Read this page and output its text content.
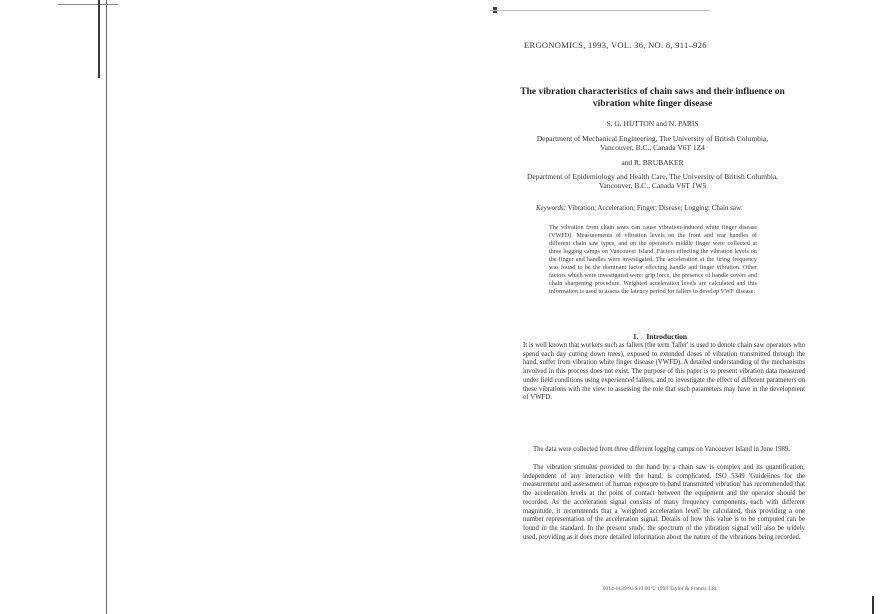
ERGONOMICS, 1993, VOL. 36, NO. 8, 911–926
The vibration characteristics of chain saws and their influence on vibration white finger disease
S. G. HUTTON and N. PARIS
Department of Mechanical Engineering, The University of British Columbia, Vancouver, B.C., Canada V6T 1Z4
and R. BRUBAKER
Department of Epidemiology and Health Care, The University of British Columbia, Vancouver, B.C., Canada V6T 1W5
Keywords: Vibration; Acceleration; Finger; Disease; Logging; Chain saw.

The vibration from chain saws can cause vibration-induced white finger disease (VWFD). Measurements of vibration levels on the front and rear handles of different chain saw types, and on the operator's middle finger were collected at three logging camps on Vancouver Island. Factors effecting the vibration levels on the finger and handles were investigated. The acceleration at the firing frequency was found to be the dominant factor effecting handle and finger vibration. Other factors which were investigated were: grip force, the presence of handle covers and chain sharpening procedure. Weighted acceleration levels are calculated and this information is used to assess the latency period for fallers to develop VWF disease.

1. Introduction

It is well known that workers such as fallers (the term 'faller' is used to denote chain saw operators who spend each day cutting down trees), exposed to extended doses of vibration transmitted through the hand, suffer from vibration white finger disease (VWFD). A detailed understanding of the mechanisms involved in this process does not exist. The purpose of this paper is to present vibration data measured under field conditions using experienced fallers, and to investigate the effect of different parameters on these vibrations with the view to assessing the role that such parameters may have in the development of VWFD.

The data were collected from three different logging camps on Vancouver Island in June 1989.

The vibration stimulus provided to the hand by a chain saw is complex and its quantification, independent of any interaction with the hand, is complicated. ISO 5349 'Guidelines for the measurement and assessment of human exposure to hand transmitted vibration' has recommended that the acceleration levels at the point of contact between the equipment and the operator should be recorded. As the acceleration signal consists of many frequency components, each with different magnitude, it recommends that a 'weighted acceleration level' be calculated, thus providing a one number representation of the acceleration signal. Details of how this value is to be computed can be found in the standard. In the present study, the spectrum of the vibration signal will also be widely used, providing as it does more detailed information about the nature of the vibrations being recorded.

0014-0139/93 $10.00 © 1993 Taylor & Francis Ltd.
